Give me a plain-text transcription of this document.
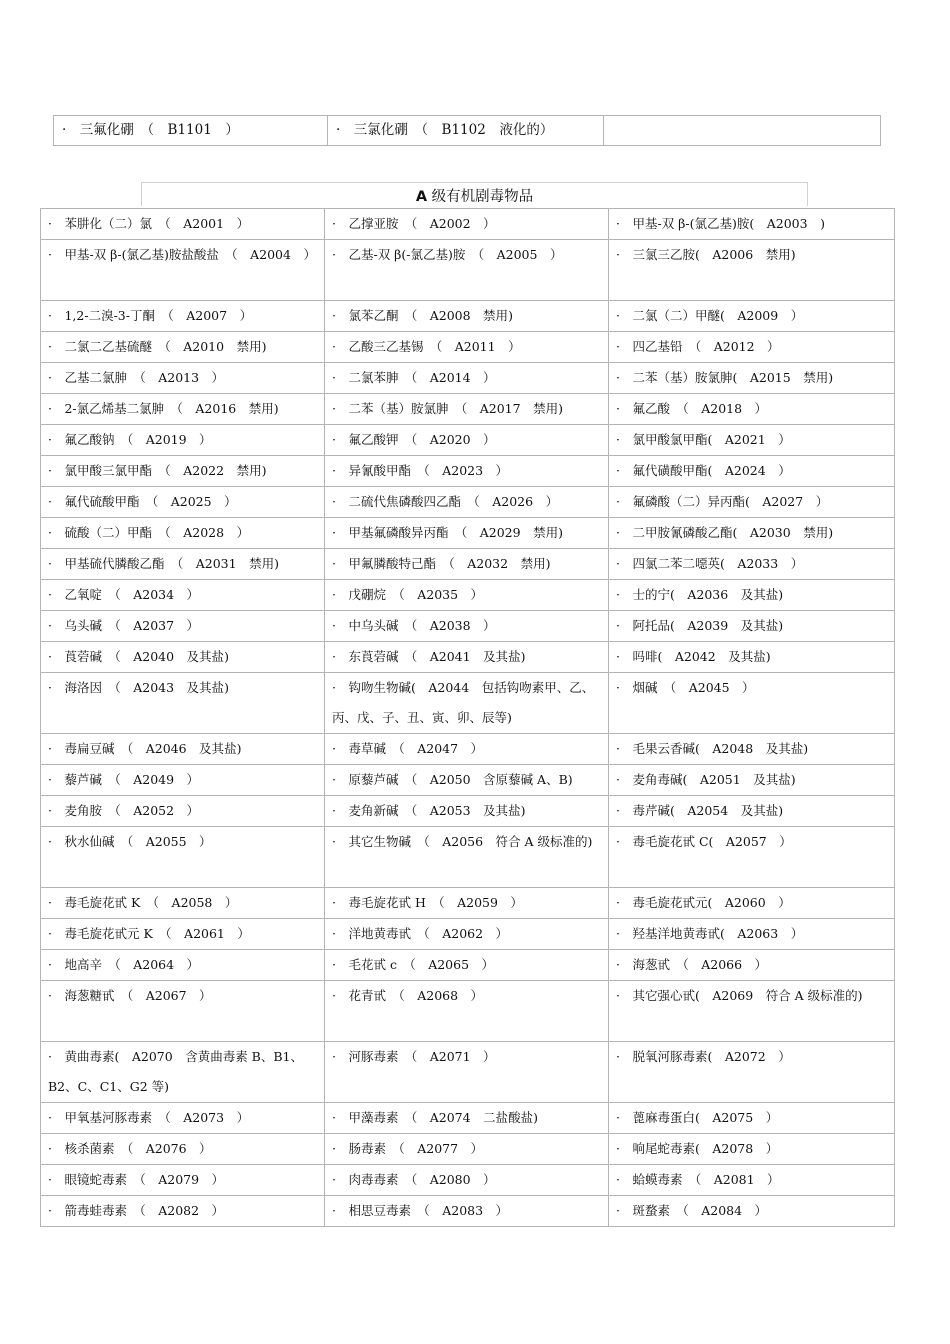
·　三氟化硼　（　B1101　）	·　三氯化硼　（　B1102　液化的）	
A 级有机剧毒物品
·　苯肼化（二）氯　（　A2001　）	·　乙撑亚胺　（　A2002　）	·　甲基-双 β-(氯乙基)胺(　A2003　)
·　甲基-双 β-(氯乙基)胺盐酸盐　（　A2004　）	·　乙基-双 β(-氯乙基)胺　（　A2005　）	·　三氯三乙胺(　A2006　禁用)
·　1,2-二溴-3-丁酮　（　A2007　）	·　氯苯乙酮　（　A2008　禁用)	·　二氯（二）甲醚(　A2009　）
·　二氯二乙基硫醚　（　A2010　禁用)	·　乙酸三乙基锡　（　A2011　）	·　四乙基铅　（　A2012　）
·　乙基二氯胂　（　A2013　）	·　二氯苯胂　（　A2014　）	·　二苯（基）胺氯胂(　A2015　禁用)
·　2-氯乙烯基二氯胂　（　A2016　禁用)	·　二苯（基）胺氯胂　（　A2017　禁用)	·　氟乙酸　（　A2018　）
·　氟乙酸钠　（　A2019　）	·　氟乙酸钾　（　A2020　）	·　氯甲酸氯甲酯(　A2021　）
·　氯甲酸三氯甲酯　（　A2022　禁用)	·　异氰酸甲酯　（　A2023　）	·　氟代磺酸甲酯(　A2024　）
·　氟代硫酸甲酯　（　A2025　）	·　二硫代焦磷酸四乙酯　（　A2026　）	·　氟磷酸（二）异丙酯(　A2027　）
·　硫酸（二）甲酯　（　A2028　）	·　甲基氟磷酸异丙酯　（　A2029　禁用)	·　二甲胺氰磷酸乙酯(　A2030　禁用)
·　甲基硫代膦酸乙酯　（　A2031　禁用)	·　甲氟膦酸特己酯　（　A2032　禁用)	·　四氯二苯二噁英(　A2033　）
·　乙氧啶　（　A2034　）	·　戊硼烷　（　A2035　）	·　士的宁(　A2036　及其盐)
·　乌头碱　（　A2037　）	·　中乌头碱　（　A2038　）	·　阿托品(　A2039　及其盐)
·　莨菪碱　（　A2040　及其盐)	·　东莨菪碱　（　A2041　及其盐)	·　吗啡(　A2042　及其盐)
·　海洛因　（　A2043　及其盐)	·　钩吻生物碱(　A2044　包括钩吻素甲、乙、丙、戊、子、丑、寅、卯、辰等)	·　烟碱　（　A2045　）
·　毒扁豆碱　（　A2046　及其盐)	·　毒草碱　（　A2047　）	·　毛果云香碱(　A2048　及其盐)
·　藜芦碱　（　A2049　）	·　原藜芦碱　（　A2050　含原藜碱 A、B)	·　麦角毒碱(　A2051　及其盐)
·　麦角胺　（　A2052　）	·　麦角新碱　（　A2053　及其盐)	·　毒芹碱(　A2054　及其盐)
·　秋水仙碱　（　A2055　）	·　其它生物碱　（　A2056　符合 A 级标准的)	·　毒毛旋花甙 C(　A2057　）
·　毒毛旋花甙 K　（　A2058　）	·　毒毛旋花甙 H　（　A2059　）	·　毒毛旋花甙元(　A2060　）
·　毒毛旋花甙元 K　（　A2061　）	·　洋地黄毒甙　（　A2062　）	·　羟基洋地黄毒甙(　A2063　）
·　地高辛　（　A2064　）	·　毛花甙 c　（　A2065　）	·　海葱甙　（　A2066　）
·　海葱糖甙　（　A2067　）	·　花青甙　（　A2068　）	·　其它强心甙(　A2069　符合 A 级标准的)
·　黄曲毒素(　A2070　含黄曲毒素 B、B1、B2、C、C1、G2 等)	·　河豚毒素　（　A2071　）	·　脱氧河豚毒素(　A2072　）
·　甲氧基河豚毒素　（　A2073　）	·　甲藻毒素　（　A2074　二盐酸盐)	·　蓖麻毒蛋白(　A2075　）
·　核杀菌素　（　A2076　）	·　肠毒素　（　A2077　）	·　响尾蛇毒素(　A2078　）
·　眼镜蛇毒素　（　A2079　）	·　肉毒毒素　（　A2080　）	·　蛤蟆毒素　（　A2081　）
·　箭毒蛙毒素　（　A2082　）	·　相思豆毒素　（　A2083　）	·　斑蝥素　（　A2084　）
